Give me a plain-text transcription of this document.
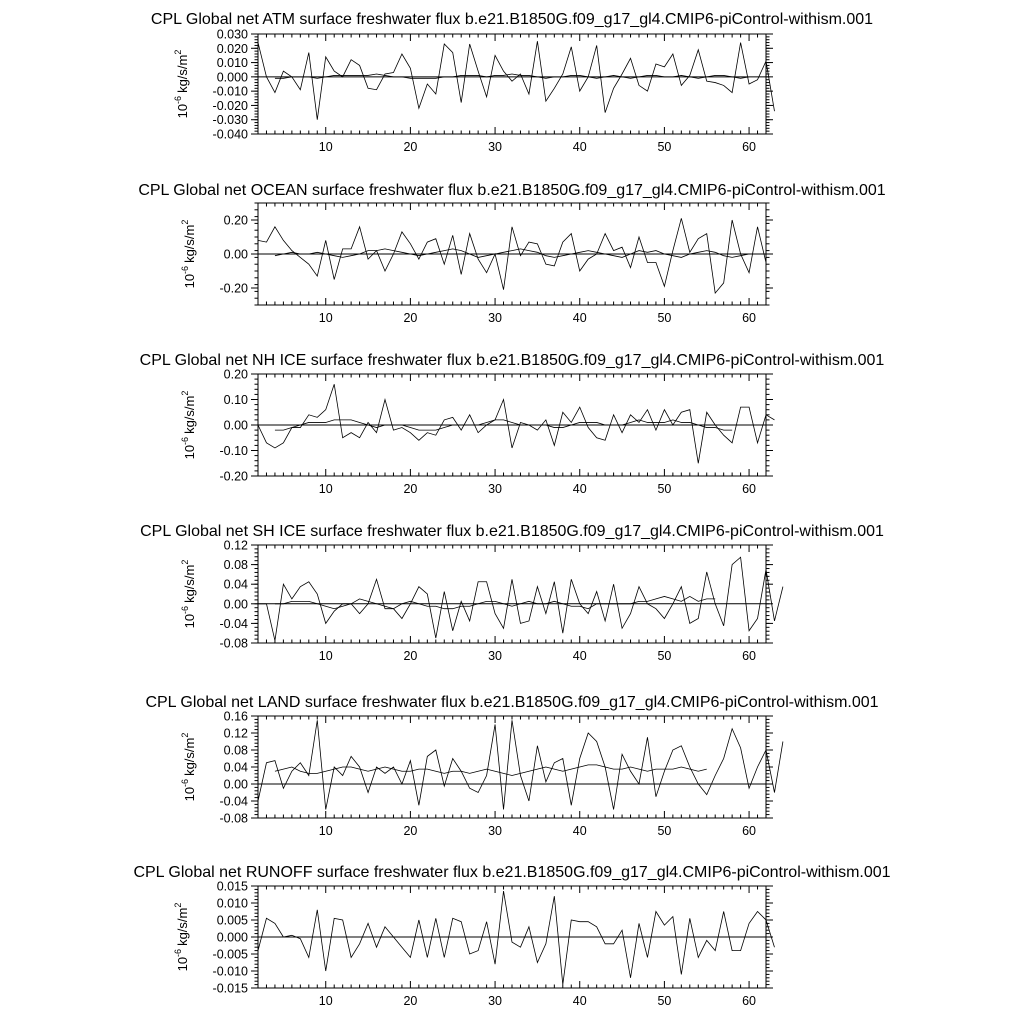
CPL Global net ATM surface freshwater flux b.e21.B1850G.f09_g17_gl4.CMIP6-piControl-withism.001
10	20	30	40	50	60
-0.040
-0.030
-0.020
-0.010
0.000
0.010
0.020
0.030
$10^{-6}kg/s/m^2$
CPL Global net OCEAN surface freshwater flux b.e21.B1850G.f09_g17_gl4.CMIP6-piControl-withism.001
10	20	30	40	50	60
-0.20
0.00
0.20
$10^{-6}kg/s/m^2$
CPL Global net NH ICE surface freshwater flux b.e21.B1850G.f09_g17_gl4.CMIP6-piControl-withism.001
10	20	30	40	50	60
-0.20
-0.10
0.00
0.10
0.20
$10^{-6}kg/s/m^2$
CPL Global net SH ICE surface freshwater flux b.e21.B1850G.f09_g17_gl4.CMIP6-piControl-withism.001
10	20	30	40	50	60
-0.08
-0.04
0.00
0.04
0.08
0.12
$10^{-6}kg/s/m^2$
CPL Global net LAND surface freshwater flux b.e21.B1850G.f09_g17_gl4.CMIP6-piControl-withism.001
10	20	30	40	50	60
-0.08
-0.04
0.00
0.04
0.08
0.12
0.16
$10^{-6}kg/s/m^2$
CPL Global net RUNOFF surface freshwater flux b.e21.B1850G.f09_g17_gl4.CMIP6-piControl-withism.001
10	20	30	40	50	60
-0.015
-0.010
-0.005
0.000
0.005
0.010
0.015
$10^{-6}kg/s/m^2$
